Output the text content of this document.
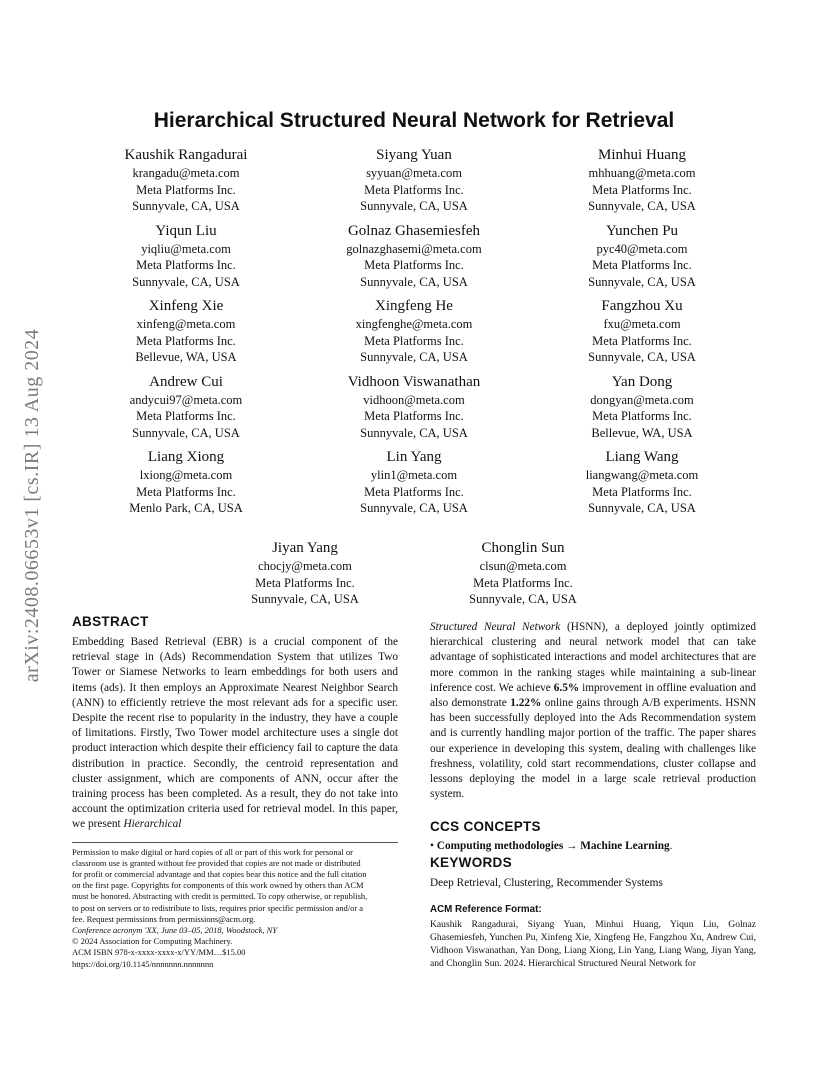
arXiv:2408.06653v1 [cs.IR] 13 Aug 2024
Hierarchical Structured Neural Network for Retrieval
Kaushik Rangadurai
krangadu@meta.com
Meta Platforms Inc.
Sunnyvale, CA, USA
Siyang Yuan
syyuan@meta.com
Meta Platforms Inc.
Sunnyvale, CA, USA
Minhui Huang
mhhuang@meta.com
Meta Platforms Inc.
Sunnyvale, CA, USA
Yiqun Liu
yiqliu@meta.com
Meta Platforms Inc.
Sunnyvale, CA, USA
Golnaz Ghasemiesfeh
golnazghasemi@meta.com
Meta Platforms Inc.
Sunnyvale, CA, USA
Yunchen Pu
pyc40@meta.com
Meta Platforms Inc.
Sunnyvale, CA, USA
Xinfeng Xie
xinfeng@meta.com
Meta Platforms Inc.
Bellevue, WA, USA
Xingfeng He
xingfenghe@meta.com
Meta Platforms Inc.
Sunnyvale, CA, USA
Fangzhou Xu
fxu@meta.com
Meta Platforms Inc.
Sunnyvale, CA, USA
Andrew Cui
andycui97@meta.com
Meta Platforms Inc.
Sunnyvale, CA, USA
Vidhoon Viswanathan
vidhoon@meta.com
Meta Platforms Inc.
Sunnyvale, CA, USA
Yan Dong
dongyan@meta.com
Meta Platforms Inc.
Bellevue, WA, USA
Liang Xiong
lxiong@meta.com
Meta Platforms Inc.
Menlo Park, CA, USA
Lin Yang
ylin1@meta.com
Meta Platforms Inc.
Sunnyvale, CA, USA
Liang Wang
liangwang@meta.com
Meta Platforms Inc.
Sunnyvale, CA, USA
Jiyan Yang
chocjy@meta.com
Meta Platforms Inc.
Sunnyvale, CA, USA
Chonglin Sun
clsun@meta.com
Meta Platforms Inc.
Sunnyvale, CA, USA
ABSTRACT

Embedding Based Retrieval (EBR) is a crucial component of the retrieval stage in (Ads) Recommendation System that utilizes Two Tower or Siamese Networks to learn embeddings for both users and items (ads). It then employs an Approximate Nearest Neighbor Search (ANN) to efficiently retrieve the most relevant ads for a specific user. Despite the recent rise to popularity in the industry, they have a couple of limitations. Firstly, Two Tower model architecture uses a single dot product interaction which despite their efficiency fail to capture the data distribution in practice. Secondly, the centroid representation and cluster assignment, which are components of ANN, occur after the training process has been completed. As a result, they do not take into account the optimization criteria used for retrieval model. In this paper, we present Hierarchical

Permission to make digital or hard copies of all or part of this work for personal or
classroom use is granted without fee provided that copies are not made or distributed
for profit or commercial advantage and that copies bear this notice and the full citation
on the first page. Copyrights for components of this work owned by others than ACM
must be honored. Abstracting with credit is permitted. To copy otherwise, or republish,
to post on servers or to redistribute to lists, requires prior specific permission and/or a
fee. Request permissions from permissions@acm.org.
Conference acronym 'XX, June 03–05, 2018, Woodstock, NY
© 2024 Association for Computing Machinery.
ACM ISBN 978-x-xxxx-xxxx-x/YY/MM…$15.00
https://doi.org/10.1145/nnnnnnn.nnnnnnn

Structured Neural Network (HSNN), a deployed jointly optimized hierarchical clustering and neural network model that can take advantage of sophisticated interactions and model architectures that are more common in the ranking stages while maintaining a sub-linear inference cost. We achieve 6.5% improvement in offline evaluation and also demonstrate 1.22% online gains through A/B experiments. HSNN has been successfully deployed into the Ads Recommendation system and is currently handling major portion of the traffic. The paper shares our experience in developing this system, dealing with challenges like freshness, volatility, cold start recommendations, cluster collapse and lessons deploying the model in a large scale retrieval production system.

CCS CONCEPTS

• Computing methodologies → Machine Learning.

KEYWORDS

Deep Retrieval, Clustering, Recommender Systems

ACM Reference Format:

Kaushik Rangadurai, Siyang Yuan, Minhui Huang, Yiqun Liu, Golnaz Ghasemiesfeh, Yunchen Pu, Xinfeng Xie, Xingfeng He, Fangzhou Xu, Andrew Cui, Vidhoon Viswanathan, Yan Dong, Liang Xiong, Lin Yang, Liang Wang, Jiyan Yang, and Chonglin Sun. 2024. Hierarchical Structured Neural Network for
